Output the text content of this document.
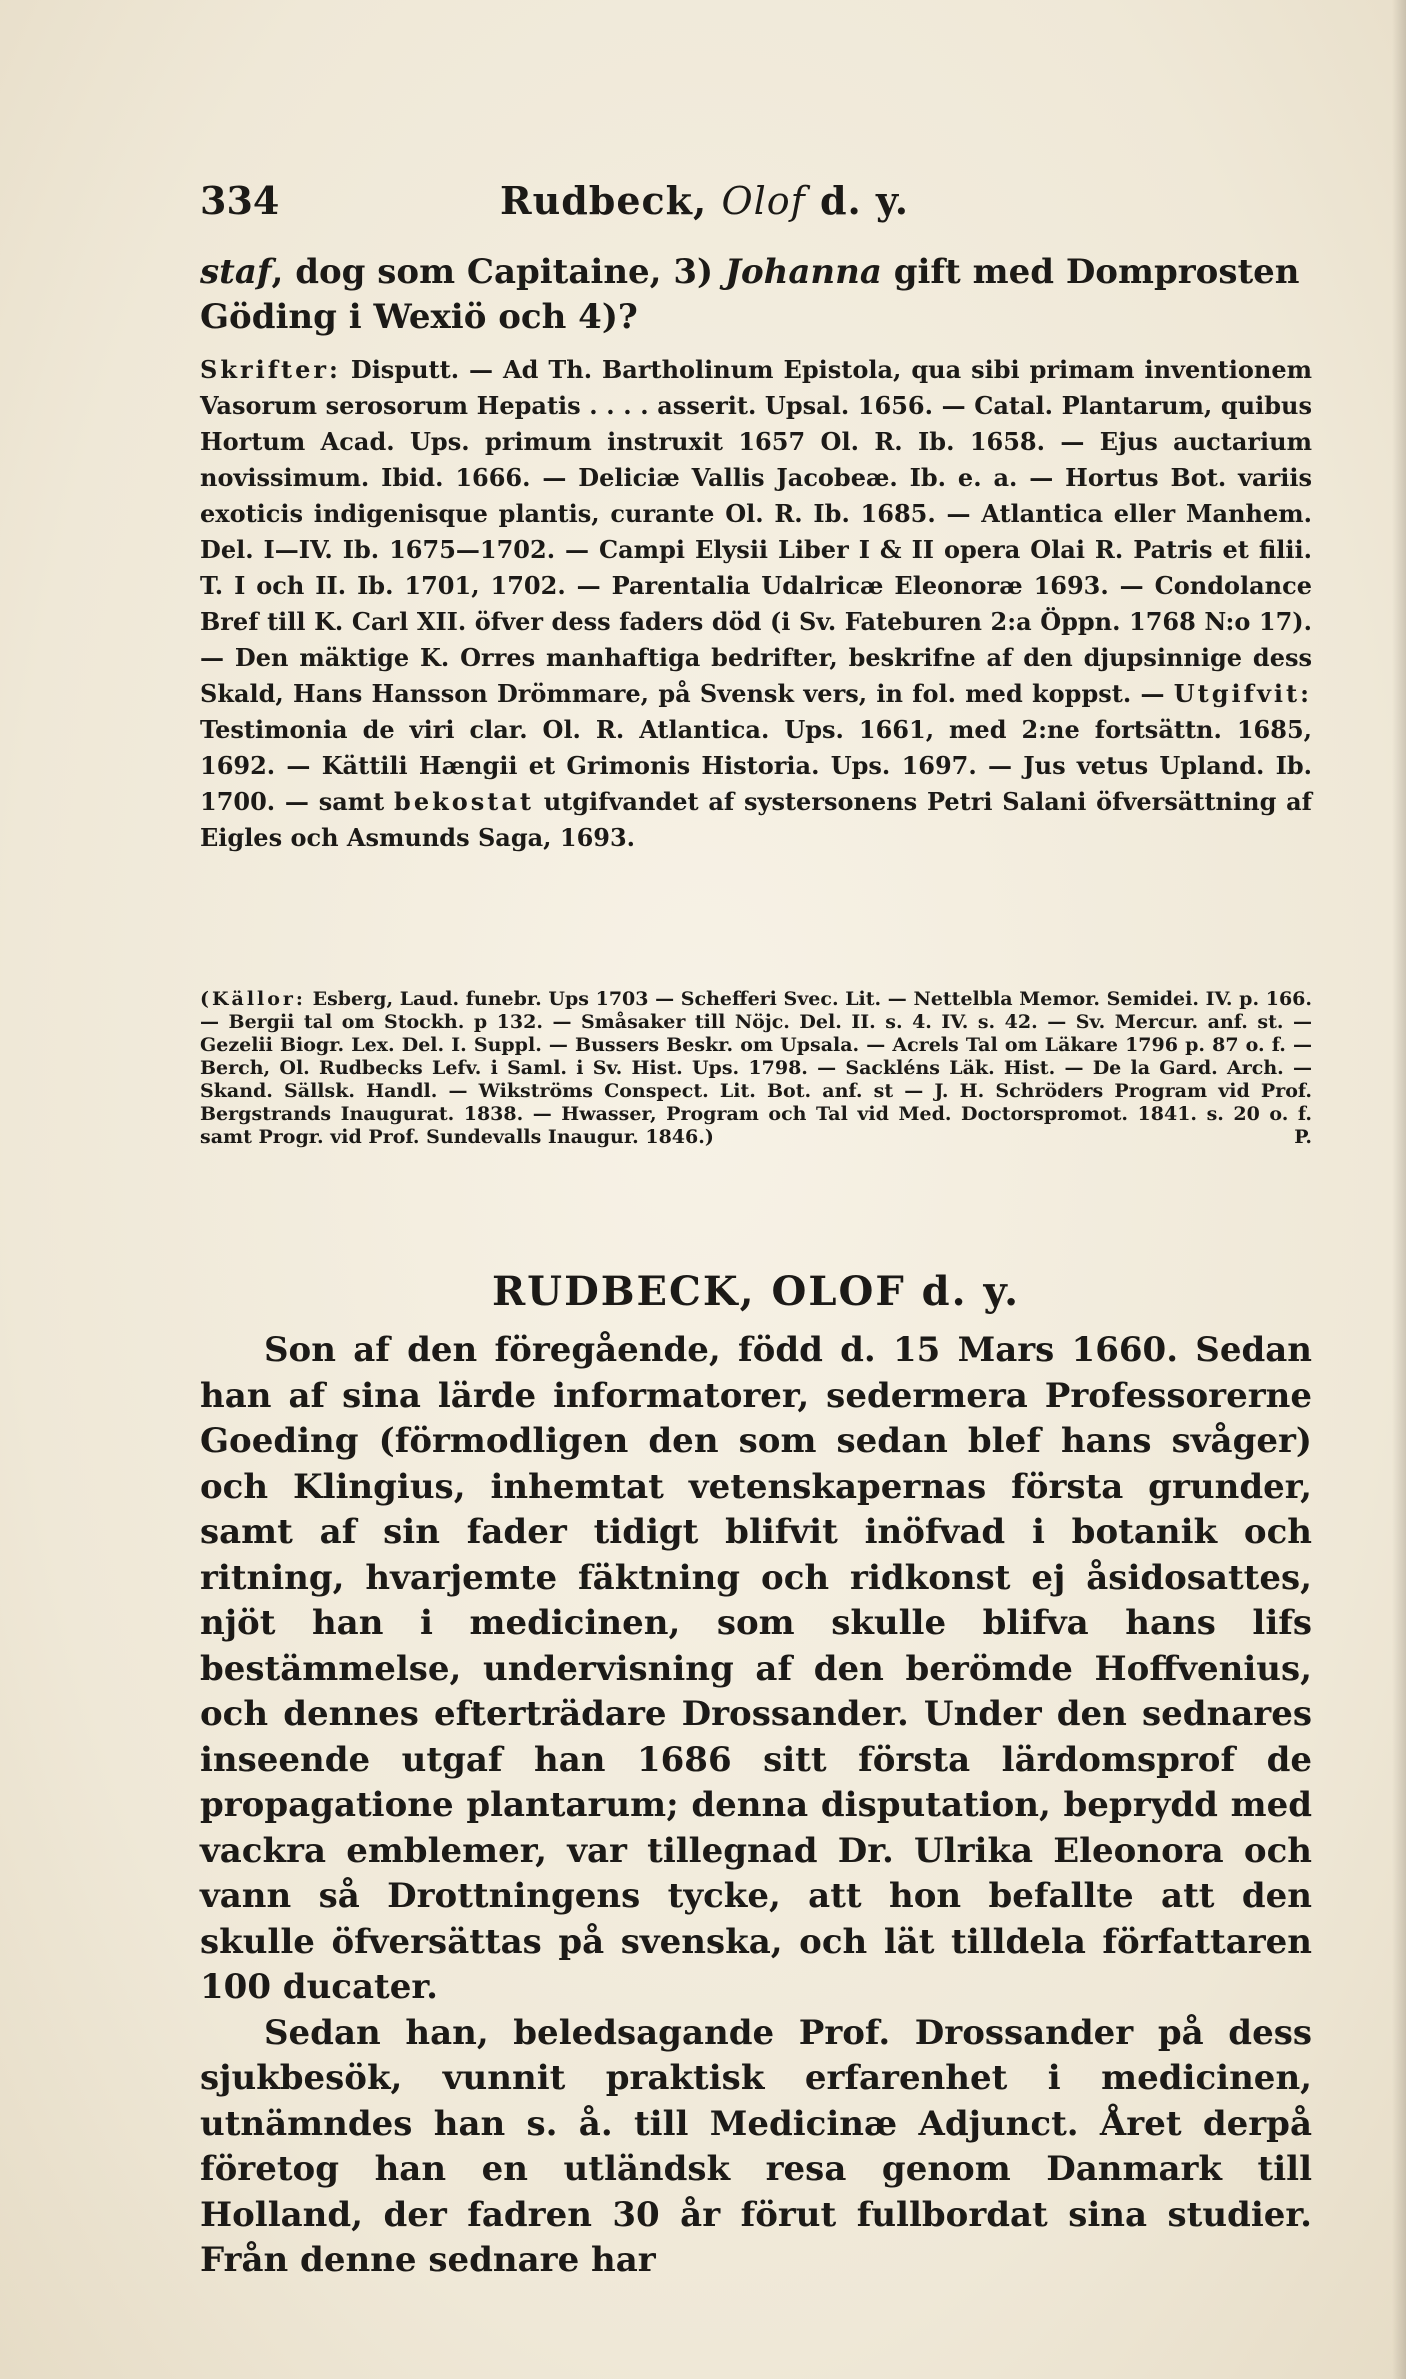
334	Rudbeck, Olof d. y.
staf, dog som Capitaine, 3) Johanna gift med Domprosten Göding i Wexiö och 4)?
Skrifter: Disputt. — Ad Th. Bartholinum Epistola, qua sibi primam inventionem Vasorum serosorum Hepatis . . . . asserit. Upsal. 1656. — Catal. Plantarum, quibus Hortum Acad. Ups. primum instruxit 1657 Ol. R. Ib. 1658. — Ejus auctarium novissimum. Ibid. 1666. — Deliciæ Vallis Jacobeæ. Ib. e. a. — Hortus Bot. variis exoticis indigenisque plantis, curante Ol. R. Ib. 1685. — Atlantica eller Manhem. Del. I—IV. Ib. 1675—1702. — Campi Elysii Liber I & II opera Olai R. Patris et filii. T. I och II. Ib. 1701, 1702. — Parentalia Udalricæ Eleonoræ 1693. — Condolance Bref till K. Carl XII. öfver dess faders död (i Sv. Fateburen 2:a Öppn. 1768 N:o 17). — Den mäktige K. Orres manhaftiga bedrifter, beskrifne af den djupsinnige dess Skald, Hans Hansson Drömmare, på Svensk vers, in fol. med koppst. — Utgifvit: Testimonia de viri clar. Ol. R. Atlantica. Ups. 1661, med 2:ne fortsättn. 1685, 1692. — Kättili Hængii et Grimonis Historia. Ups. 1697. — Jus vetus Upland. Ib. 1700. — samt bekostat utgifvandet af systersonens Petri Salani öfversättning af Eigles och Asmunds Saga, 1693.
(Källor: Esberg, Laud. funebr. Ups 1703 — Schefferi Svec. Lit. — Nettelbla Memor. Semidei. IV. p. 166. — Bergii tal om Stockh. p 132. — Småsaker till Nöjc. Del. II. s. 4. IV. s. 42. — Sv. Mercur. anf. st. — Gezelii Biogr. Lex. Del. I. Suppl. — Bussers Beskr. om Upsala. — Acrels Tal om Läkare 1796 p. 87 o. f. — Berch, Ol. Rudbecks Lefv. i Saml. i Sv. Hist. Ups. 1798. — Sackléns Läk. Hist. — De la Gard. Arch. — Skand. Sällsk. Handl. — Wikströms Conspect. Lit. Bot. anf. st — J. H. Schröders Program vid Prof. Bergstrands Inaugurat. 1838. — Hwasser, Program och Tal vid Med. Doctorspromot. 1841. s. 20 o. f. samt Progr. vid Prof. Sundevalls Inaugur. 1846.)	P.
RUDBECK, OLOF d. y.

Son af den föregående, född d. 15 Mars 1660. Sedan han af sina lärde informatorer, sedermera Professorerne Goeding (förmodligen den som sedan blef hans svåger) och Klingius, inhemtat vetenskapernas första grunder, samt af sin fader tidigt blifvit inöfvad i botanik och ritning, hvarjemte fäktning och ridkonst ej åsidosattes, njöt han i medicinen, som skulle blifva hans lifs bestämmelse, undervisning af den berömde Hoffvenius, och dennes efterträdare Drossander. Under den sednares inseende utgaf han 1686 sitt första lärdomsprof de propagatione plantarum; denna disputation, beprydd med vackra emblemer, var tillegnad Dr. Ulrika Eleonora och vann så Drottningens tycke, att hon befallte att den skulle öfversättas på svenska, och lät tilldela författaren 100 ducater.

Sedan han, beledsagande Prof. Drossander på dess sjukbesök, vunnit praktisk erfarenhet i medicinen, utnämndes han s. å. till Medicinæ Adjunct. Året derpå företog han en utländsk resa genom Danmark till Holland, der fadren 30 år förut fullbordat sina studier. Från denne sednare har
